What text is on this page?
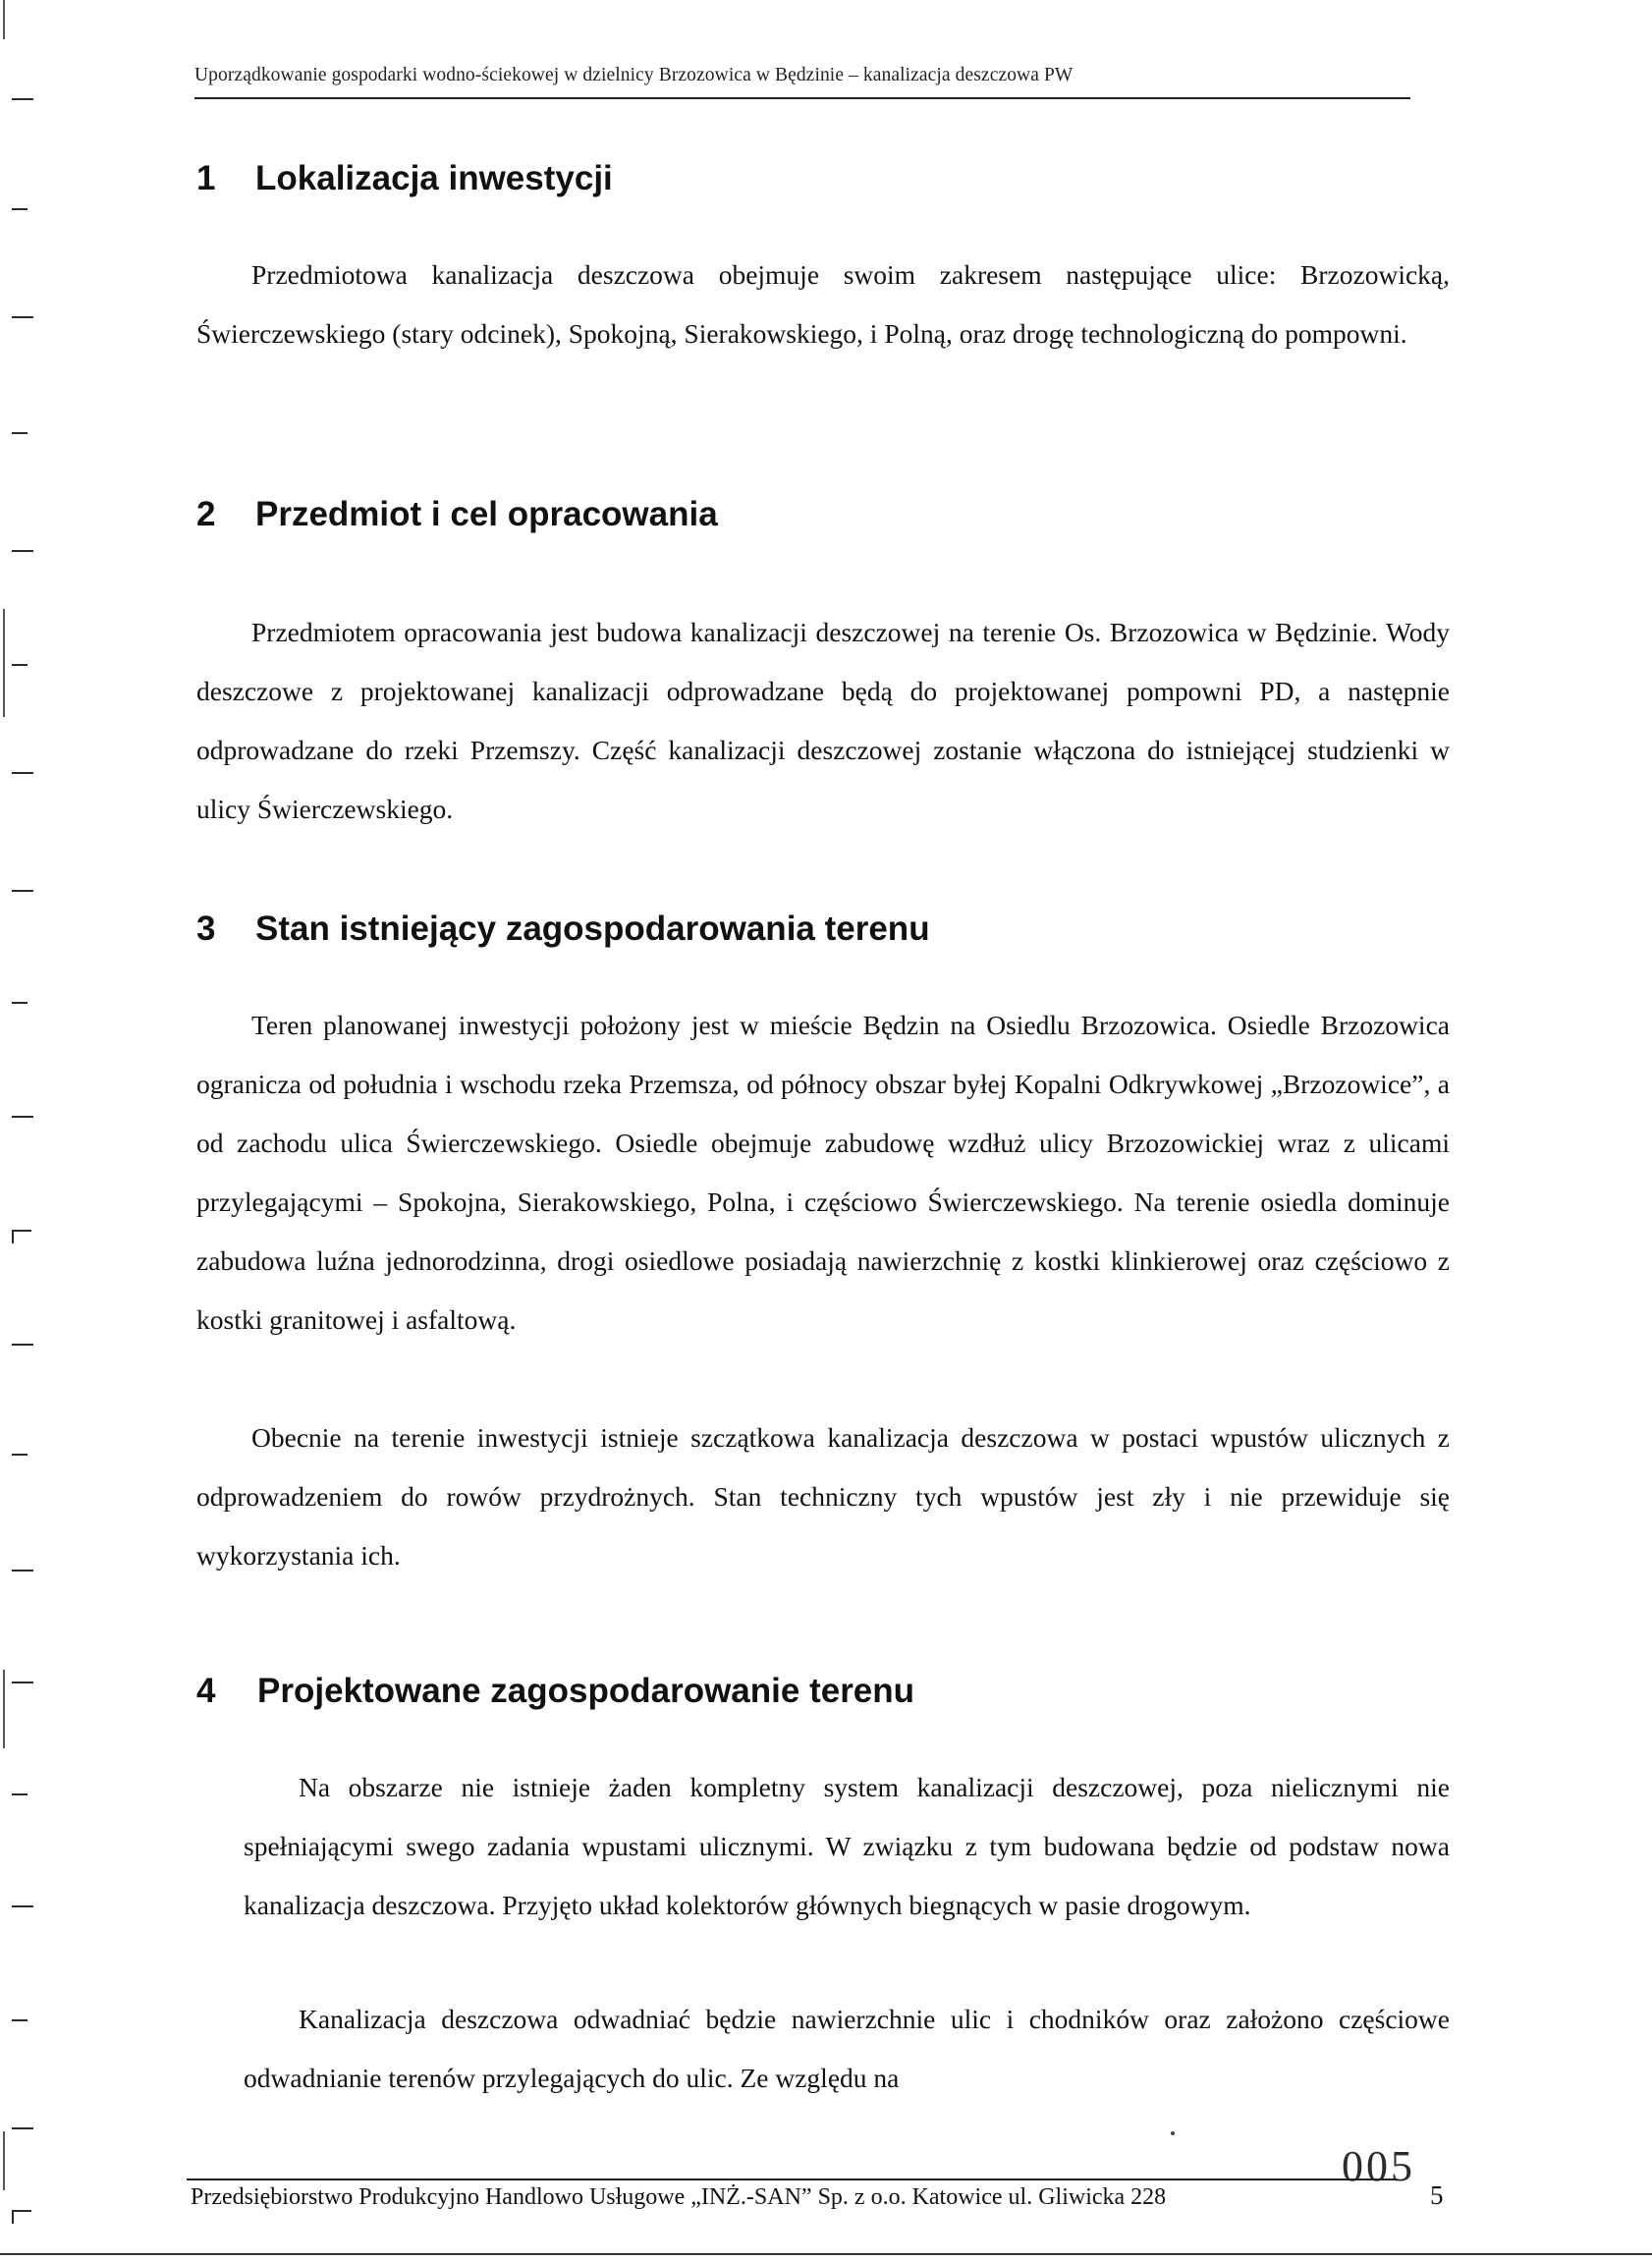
Uporządkowanie gospodarki wodno-ściekowej w dzielnicy Brzozowica w Będzinie – kanalizacja deszczowa PW
1 Lokalizacja inwestycji

Przedmiotowa kanalizacja deszczowa obejmuje swoim zakresem następujące ulice: Brzozowicką, Świerczewskiego (stary odcinek), Spokojną, Sierakowskiego, i Polną, oraz drogę technologiczną do pompowni.

2 Przedmiot i cel opracowania

Przedmiotem opracowania jest budowa kanalizacji deszczowej na terenie Os. Brzozowica w Będzinie. Wody deszczowe z projektowanej kanalizacji odprowadzane będą do projektowanej pompowni PD, a następnie odprowadzane do rzeki Przemszy. Część kanalizacji deszczowej zostanie włączona do istniejącej studzienki w ulicy Świerczewskiego.

3 Stan istniejący zagospodarowania terenu

Teren planowanej inwestycji położony jest w mieście Będzin na Osiedlu Brzozowica. Osiedle Brzozowica ogranicza od południa i wschodu rzeka Przemsza, od północy obszar byłej Kopalni Odkrywkowej „Brzozowice”, a od zachodu ulica Świerczewskiego. Osiedle obejmuje zabudowę wzdłuż ulicy Brzozowickiej wraz z ulicami przylegającymi – Spokojna, Sierakowskiego, Polna, i częściowo Świerczewskiego. Na terenie osiedla dominuje zabudowa luźna jednorodzinna, drogi osiedlowe posiadają nawierzchnię z kostki klinkierowej oraz częściowo z kostki granitowej i asfaltową.

Obecnie na terenie inwestycji istnieje szczątkowa kanalizacja deszczowa w postaci wpustów ulicznych z odprowadzeniem do rowów przydrożnych. Stan techniczny tych wpustów jest zły i nie przewiduje się wykorzystania ich.

4 Projektowane zagospodarowanie terenu

Na obszarze nie istnieje żaden kompletny system kanalizacji deszczowej, poza nielicznymi nie spełniającymi swego zadania wpustami ulicznymi. W związku z tym budowana będzie od podstaw nowa kanalizacja deszczowa. Przyjęto układ kolektorów głównych biegnących w pasie drogowym.

Kanalizacja deszczowa odwadniać będzie nawierzchnie ulic i chodników oraz założono częściowe odwadnianie terenów przylegających do ulic. Ze względu na

005
Przedsiębiorstwo Produkcyjno Handlowo Usługowe „INŻ.-SAN” Sp. z o.o. Katowice ul. Gliwicka 228	5
